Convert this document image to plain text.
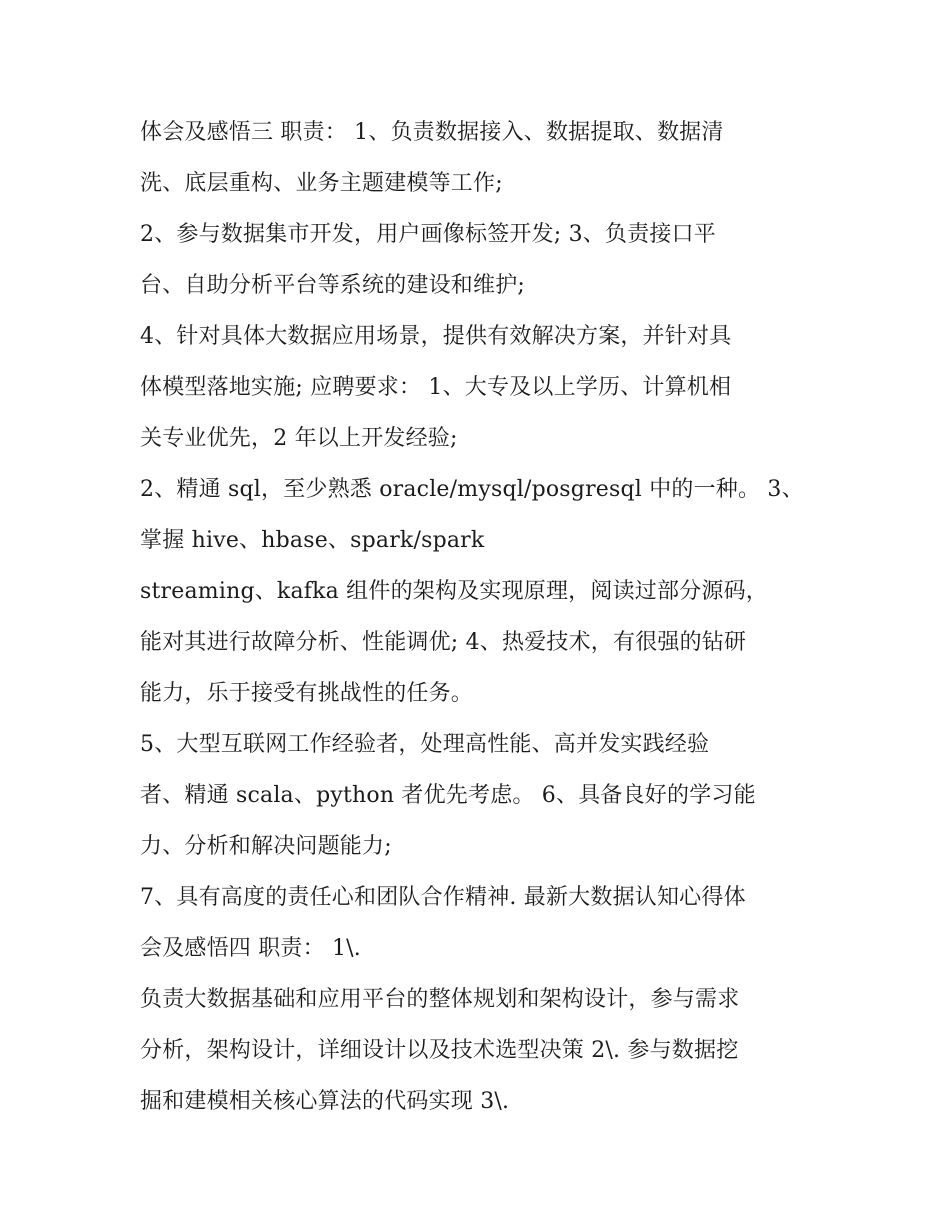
体会及感悟三 职责： 1、负责数据接入、数据提取、数据清
洗、底层重构、业务主题建模等工作;
2、参与数据集市开发，用户画像标签开发; 3、负责接口平
台、自助分析平台等系统的建设和维护;
4、针对具体大数据应用场景，提供有效解决方案，并针对具
体模型落地实施; 应聘要求： 1、大专及以上学历、计算机相
关专业优先，2 年以上开发经验;
2、精通 sql，至少熟悉 oracle/mysql/posgresql 中的一种。 3、
掌握 hive、hbase、spark/spark
streaming、kafka 组件的架构及实现原理，阅读过部分源码，
能对其进行故障分析、性能调优; 4、热爱技术，有很强的钻研
能力，乐于接受有挑战性的任务。
5、大型互联网工作经验者，处理高性能、高并发实践经验
者、精通 scala、python 者优先考虑。 6、具备良好的学习能
力、分析和解决问题能力;
7、具有高度的责任心和团队合作精神. 最新大数据认知心得体
会及感悟四 职责： 1\.
负责大数据基础和应用平台的整体规划和架构设计，参与需求
分析，架构设计，详细设计以及技术选型决策 2\. 参与数据挖
掘和建模相关核心算法的代码实现 3\.
